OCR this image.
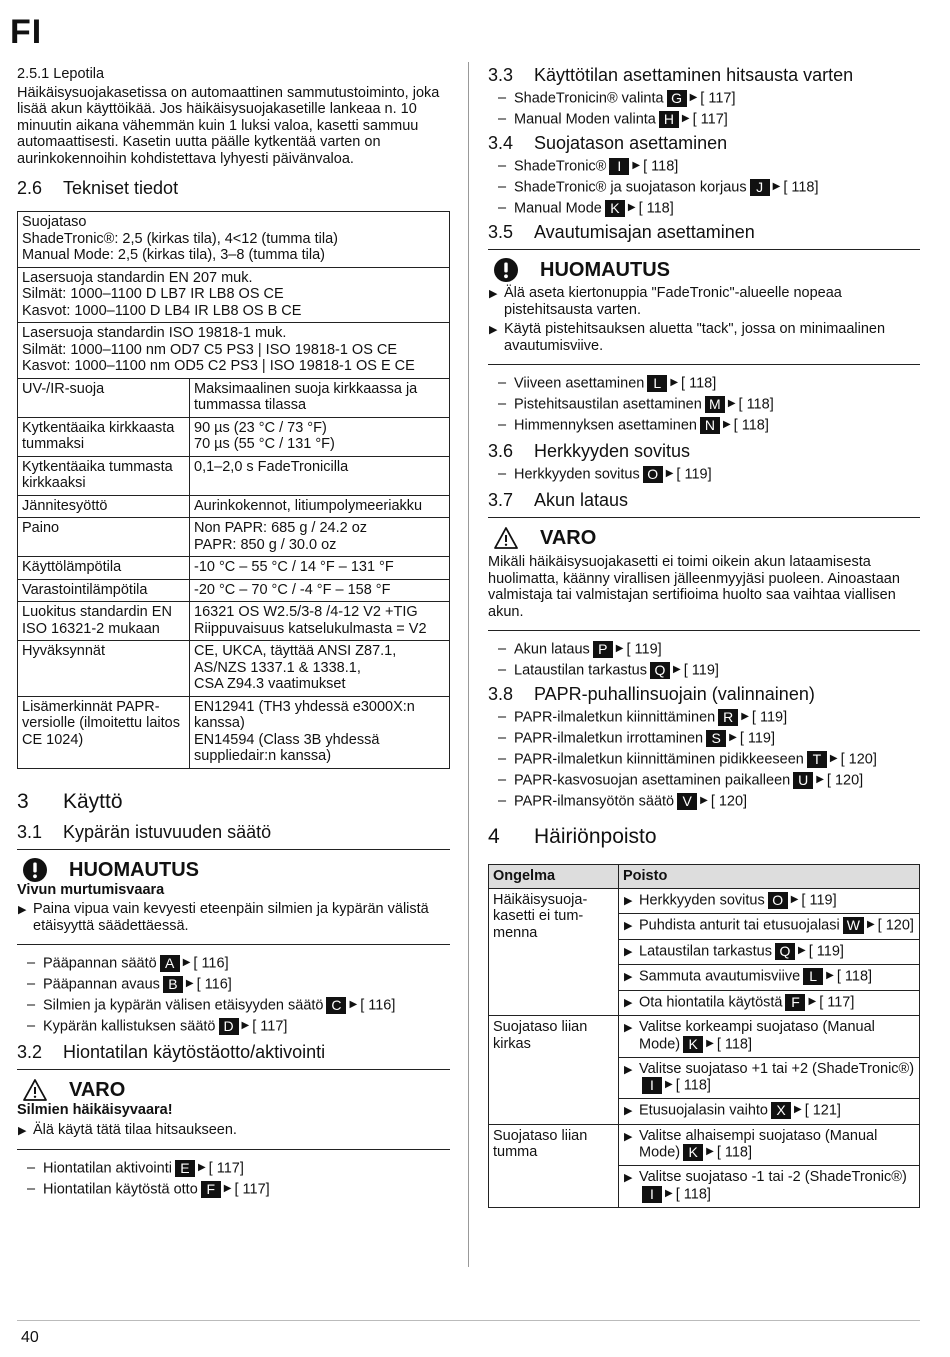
FI
2.5.1 Lepotila
Häikäisysuojakasetissa on automaattinen sammutustoiminto, joka lisää akun käyttöikää. Jos häikäisysuojakasetille lankeaa n. 10 minuutin aikana vähemmän kuin 1 luksi valoa, kasetti sammuu automaattisesti. Kasetin uutta päälle kytkentää varten on aurinkokennoihin kohdistettava lyhyesti päivänvaloa.
2.6	Tekniset tiedot
Suojataso
ShadeTronic®: 2,5 (kirkas tila), 4<12 (tumma tila)
Manual Mode: 2,5 (kirkas tila), 3–8 (tumma tila)	

Lasersuoja standardin EN 207 muk.
Silmät: 1000–1100 D LB7 IR LB8 OS CE
Kasvot: 1000–1100 D LB4 IR LB8 OS B CE	

Lasersuoja standardin ISO 19818-1 muk.
Silmät: 1000–1100 nm OD7 C5 PS3 | ISO 19818-1 OS CE
Kasvot: 1000–1100 nm OD5 C2 PS3 | ISO 19818-1 OS E CE	

UV-/IR-suoja	Maksimaalinen suoja kirkkaassa ja tummassa tilassa
Kytkentäaika kirkkaasta tummaksi	90 µs (23 °C / 73 °F)
70 µs (55 °C / 131 °F)
Kytkentäaika tummasta kirkkaaksi	0,1–2,0 s FadeTronicilla
Jännitesyöttö	Aurinkokennot, litiumpolymeeriakku
Paino	Non PAPR: 685 g / 24.2 oz
PAPR: 850 g / 30.0 oz
Käyttölämpötila	-10 °C – 55 °C / 14 °F – 131 °F
Varastointilämpötila	-20 °C – 70 °C / -4 °F – 158 °F
Luokitus standardin EN ISO 16321-2 mukaan	16321 OS W2.5/3-8 /4-12 V2 +TIG
Riippuvaisuus katselukulmasta = V2
Hyväksynnät	CE, UKCA, täyttää ANSI Z87.1, AS/NZS 1337.1 & 1338.1,
CSA Z94.3 vaatimukset
Lisämerkinnät PAPR-versiolle (ilmoitettu laitos CE 1024)	EN12941 (TH3 yhdessä e3000X:n kanssa)
EN14594 (Class 3B yhdessä suppliedair:n kanssa)
3	Käyttö
3.1	Kypärän istuvuuden säätö
HUOMAUTUS
Vivun murtumisvaara
▶ Paina vipua vain kevyesti eteenpäin silmien ja kypärän välistä etäisyyttä säädettäessä.
– Pääpannan säätö A ▶ [ 116]
– Pääpannan avaus B ▶ [ 116]
– Silmien ja kypärän välisen etäisyyden säätö C ▶ [ 116]
– Kypärän kallistuksen säätö D ▶ [ 117]
3.2	Hiontatilan käytöstäotto/aktivointi
VARO
Silmien häikäisyvaara!
▶ Älä käytä tätä tilaa hitsaukseen.
– Hiontatilan aktivointi E ▶ [ 117]
– Hiontatilan käytöstä otto F ▶ [ 117]
3.3	Käyttötilan asettaminen hitsausta varten
– ShadeTronicin® valinta G ▶ [ 117]
– Manual Moden valinta H ▶ [ 117]
3.4	Suojatason asettaminen
– ShadeTronic® I ▶ [ 118]
– ShadeTronic® ja suojatason korjaus J ▶ [ 118]
– Manual Mode K ▶ [ 118]
3.5	Avautumisajan asettaminen
HUOMAUTUS
▶ Älä aseta kiertonuppia "FadeTronic"-alueelle nopeaa pistehitsausta varten.
▶ Käytä pistehitsauksen aluetta "tack", jossa on minimaalinen avautumisviive.
– Viiveen asettaminen L ▶ [ 118]
– Pistehitsaustilan asettaminen M ▶ [ 118]
– Himmennyksen asettaminen N ▶ [ 118]
3.6	Herkkyyden sovitus
– Herkkyyden sovitus O ▶ [ 119]
3.7	Akun lataus
VARO
Mikäli häikäisysuojakasetti ei toimi oikein akun lataamisesta huolimatta, käänny virallisen jälleenmyyjäsi puoleen. Ainoastaan valmistaja tai valmistajan sertifioima huolto saa vaihtaa viallisen akun.
– Akun lataus P ▶ [ 119]
– Lataustilan tarkastus Q ▶ [ 119]
3.8	PAPR-puhallinsuojain (valinnainen)
– PAPR-ilmaletkun kiinnittäminen R ▶ [ 119]
– PAPR-ilmaletkun irrottaminen S ▶ [ 119]
– PAPR-ilmaletkun kiinnittäminen pidikkeeseen T ▶ [ 120]
– PAPR-kasvosuojan asettaminen paikalleen U ▶ [ 120]
– PAPR-ilmansyötön säätö V ▶ [ 120]
4	Häiriönpoisto
Ongelma	Poisto
Häikäisysuoja-kasetti ei tum-menna	▶ Herkkyyden sovitus O ▶ [ 119]

	▶ Puhdista anturit tai etusuojalasi W ▶ [ 120]

	▶ Lataustilan tarkastus Q ▶ [ 119]

	▶ Sammuta avautumisviive L ▶ [ 118]

	▶ Ota hiontatila käytöstä F ▶ [ 117]

Suojataso liian kirkas	▶ Valitse korkeampi suojataso (Manual Mode) K ▶ [ 118]

	▶ Valitse suojataso +1 tai +2 (ShadeTronic®)I ▶ [ 118]

	▶ Etusuojalasin vaihto X ▶ [ 121]

Suojataso liian tumma	▶ Valitse alhaisempi suojataso (Manual Mode) K ▶ [ 118]

	▶ Valitse suojataso -1 tai -2 (ShadeTronic®)I ▶ [ 118]
40
